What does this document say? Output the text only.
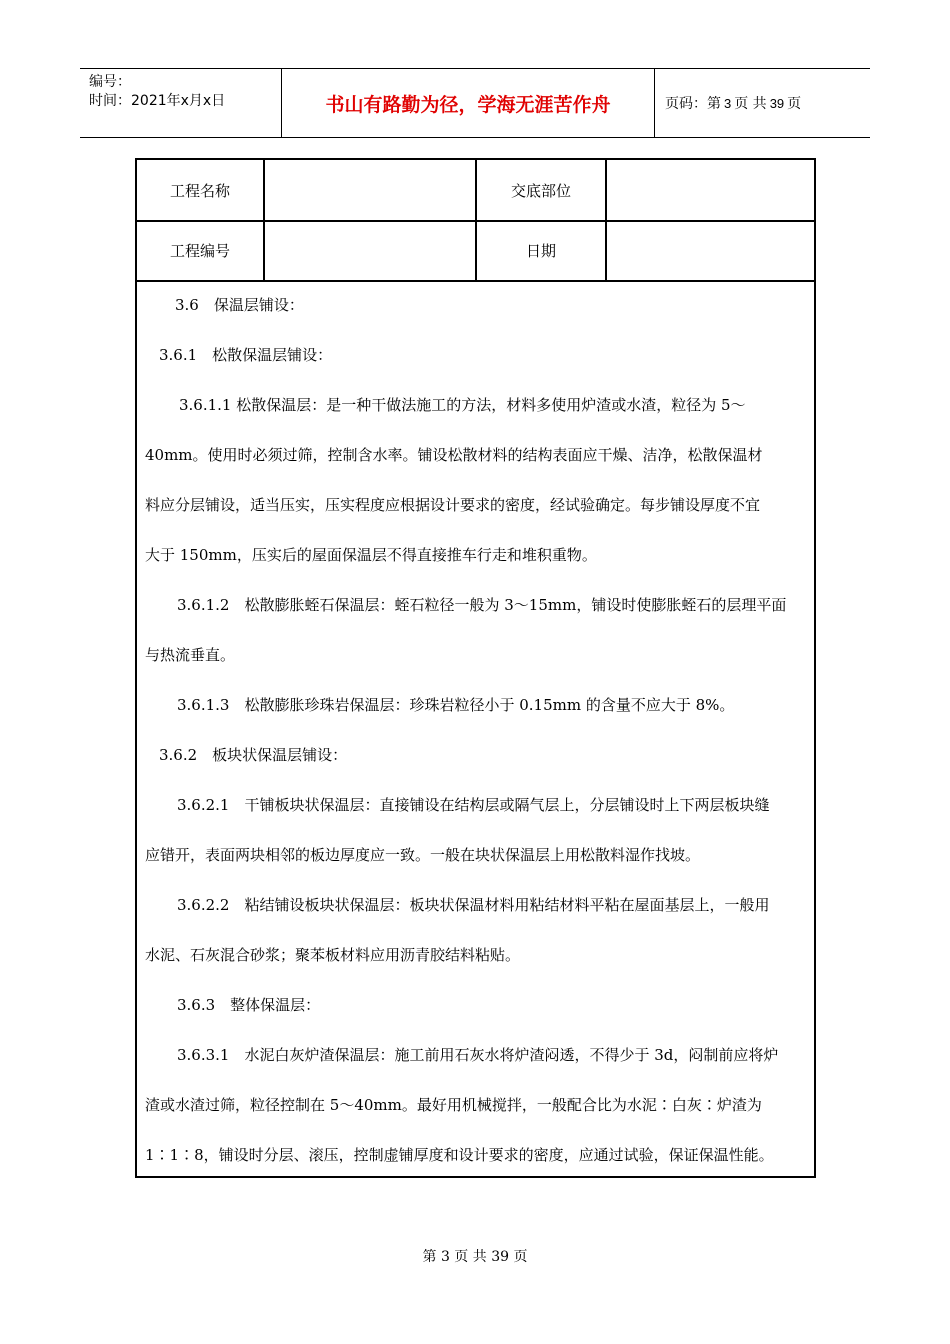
编号：
时间：2021年x月x日	书山有路勤为径，学海无涯苦作舟	页码：第 3 页 共 39 页
工程名称	交底部位
工程编号	日期
3.6　保温层铺设：
3.6.1　松散保温层铺设：
3.6.1.1 松散保温层：是一种干做法施工的方法，材料多使用炉渣或水渣，粒径为 5～
40mm。使用时必须过筛，控制含水率。铺设松散材料的结构表面应干燥、洁净，松散保温材
料应分层铺设，适当压实，压实程度应根据设计要求的密度，经试验确定。每步铺设厚度不宜
大于 150mm，压实后的屋面保温层不得直接推车行走和堆积重物。
3.6.1.2　松散膨胀蛭石保温层：蛭石粒径一般为 3～15mm，铺设时使膨胀蛭石的层理平面
与热流垂直。
3.6.1.3　松散膨胀珍珠岩保温层：珍珠岩粒径小于 0.15mm 的含量不应大于 8%。
3.6.2　板块状保温层铺设：
3.6.2.1　干铺板块状保温层：直接铺设在结构层或隔气层上，分层铺设时上下两层板块缝
应错开，表面两块相邻的板边厚度应一致。一般在块状保温层上用松散料湿作找坡。
3.6.2.2　粘结铺设板块状保温层：板块状保温材料用粘结材料平粘在屋面基层上，一般用
水泥、石灰混合砂浆；聚苯板材料应用沥青胶结料粘贴。
3.6.3　整体保温层：
3.6.3.1　水泥白灰炉渣保温层：施工前用石灰水将炉渣闷透，不得少于 3d，闷制前应将炉
渣或水渣过筛，粒径控制在 5～40mm。最好用机械搅拌，一般配合比为水泥∶白灰∶炉渣为
1∶1∶8，铺设时分层、滚压，控制虚铺厚度和设计要求的密度，应通过试验，保证保温性能。
第 3 页 共 39 页
